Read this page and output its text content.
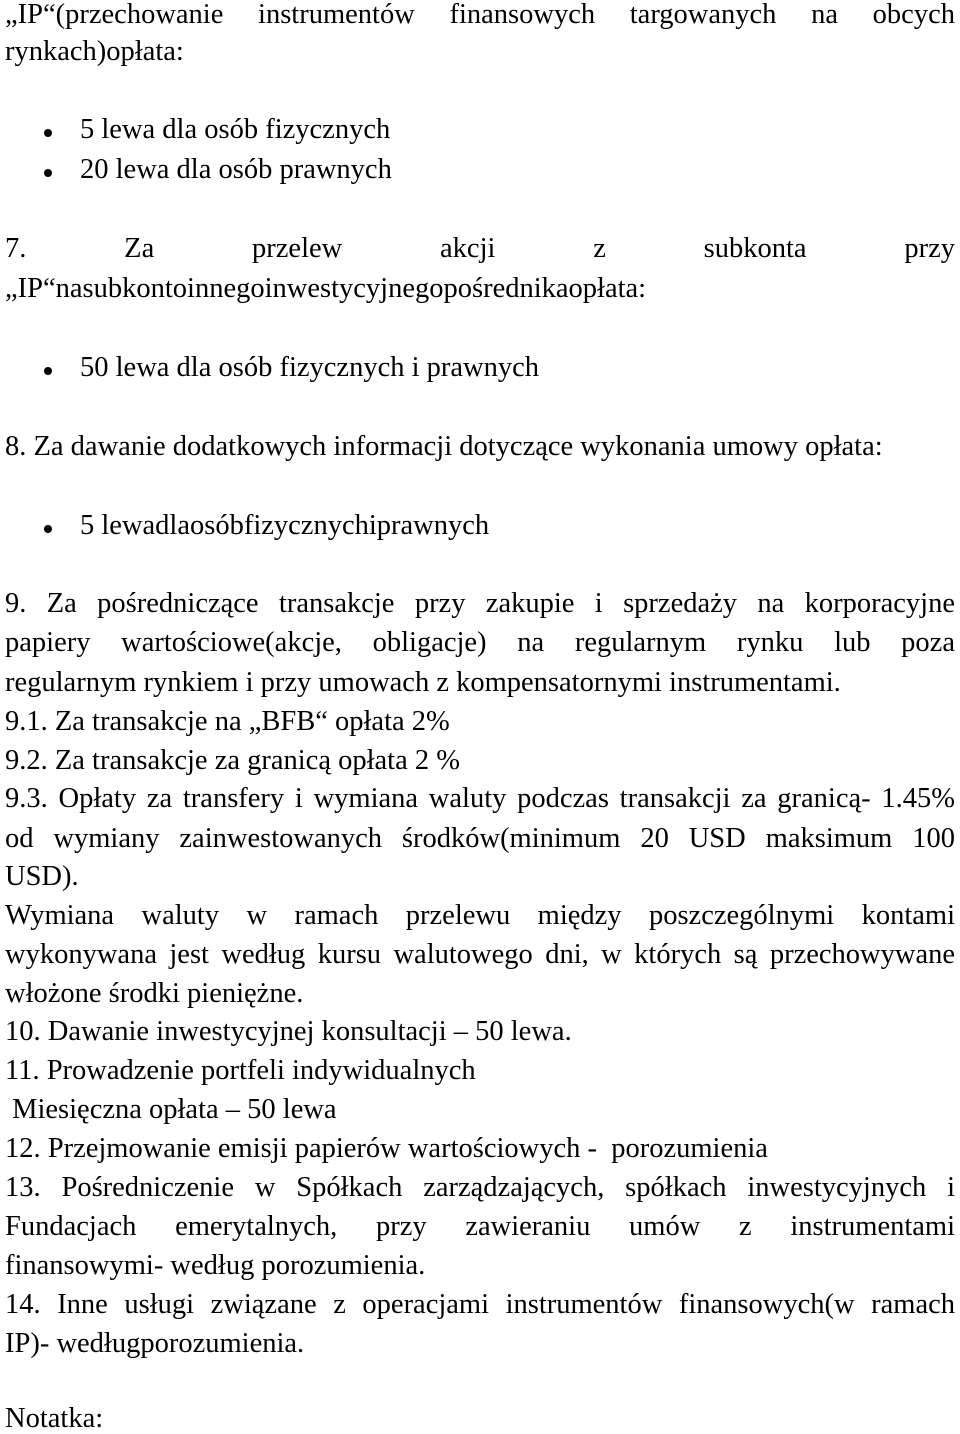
„IP“(przechowanie instrumentów finansowych targowanych na obcych
rynkach)opłata:
5 lewa dla osób fizycznych
20 lewa dla osób prawnych
7. Za przelew akcji z subkonta przy
„IP“nasubkontoinnegoinwestycyjnegopośrednikaopłata:
50 lewa dla osób fizycznych i prawnych
8. Za dawanie dodatkowych informacji dotyczące wykonania umowy opłata:
5 lewadlaosóbfizycznychiprawnych
9. Za pośredniczące transakcje przy zakupie i sprzedaży na korporacyjne
papiery wartościowe(akcje, obligacje) na regularnym rynku lub poza
regularnym rynkiem i przy umowach z kompensatornymi instrumentami.
9.1. Za transakcje na „BFB“ opłata 2%
9.2. Za transakcje za granicą opłata 2 %
9.3. Opłaty za transfery i wymiana waluty podczas transakcji za granicą- 1.45%
od wymiany zainwestowanych środków(minimum 20 USD maksimum 100
USD).
Wymiana waluty w ramach przelewu między poszczególnymi kontami
wykonywana jest według kursu walutowego dni, w których są przechowywane
włożone środki pieniężne.
10. Dawanie inwestycyjnej konsultacji – 50 lewa.
11. Prowadzenie portfeli indywidualnych
Miesięczna opłata – 50 lewa
12. Przejmowanie emisji papierów wartościowych -  porozumienia
13. Pośredniczenie w Spółkach zarządzających, spółkach inwestycyjnych i
Fundacjach emerytalnych, przy zawieraniu umów z instrumentami
finansowymi- według porozumienia.
14. Inne usługi związane z operacjami instrumentów finansowych(w ramach
IP)- wedługporozumienia.
Notatka:
